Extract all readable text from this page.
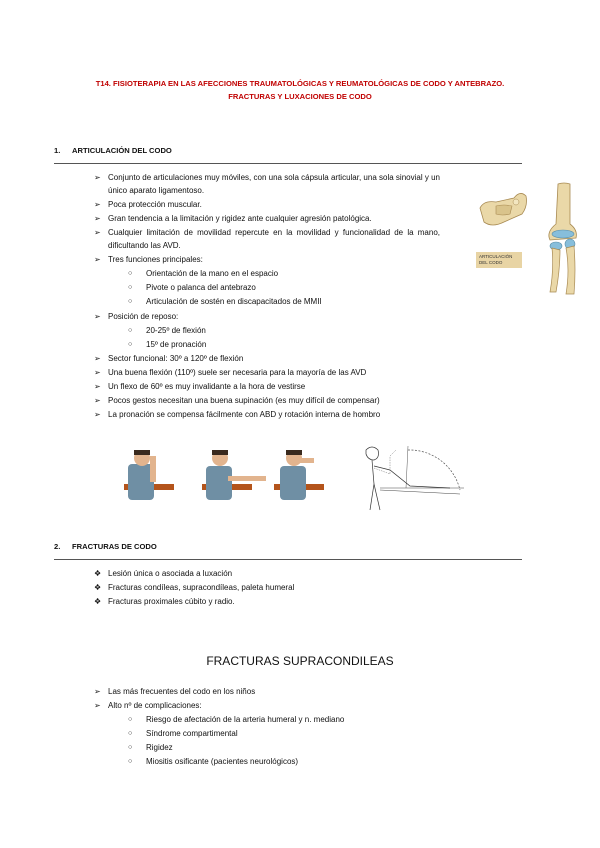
T14. FISIOTERAPIA EN LAS AFECCIONES TRAUMATOLÓGICAS Y REUMATOLÓGICAS DE CODO Y ANTEBRAZO.
FRACTURAS Y LUXACIONES DE CODO
1. ARTICULACIÓN DEL CODO
➢ Conjunto de articulaciones muy móviles, con una sola cápsula articular, una sola sinovial y un único aparato ligamentoso.
➢ Poca protección muscular.
➢ Gran tendencia a la limitación y rigidez ante cualquier agresión patológica.
➢ Cualquier limitación de movilidad repercute en la movilidad y funcionalidad de la mano, dificultando las AVD.
➢ Tres funciones principales:
○ Orientación de la mano en el espacio
○ Pivote o palanca del antebrazo
○ Articulación de sostén en discapacitados de MMII
➢ Posición de reposo:
○ 20-25º de flexión
○ 15º de pronación
➢ Sector funcional: 30º a 120º de flexión
➢ Una buena flexión (110º) suele ser necesaria para la mayoría de las AVD
➢ Un flexo de 60º es muy invalidante a la hora de vestirse
➢ Pocos gestos necesitan una buena supinación (es muy difícil de compensar)
➢ La pronación se compensa fácilmente con ABD y rotación interna de hombro
ARTICULACIÓN DEL CODO
2. FRACTURAS DE CODO
❖ Lesión única o asociada a luxación
❖ Fracturas condíleas, supracondíleas, paleta humeral
❖ Fracturas proximales cúbito y radio.
FRACTURAS SUPRACONDILEAS
➢ Las más frecuentes del codo en los niños
➢ Alto nº de complicaciones:
○ Riesgo de afectación de la arteria humeral y n. mediano
○ Síndrome compartimental
○ Rigidez
○ Miositis osificante (pacientes neurológicos)
